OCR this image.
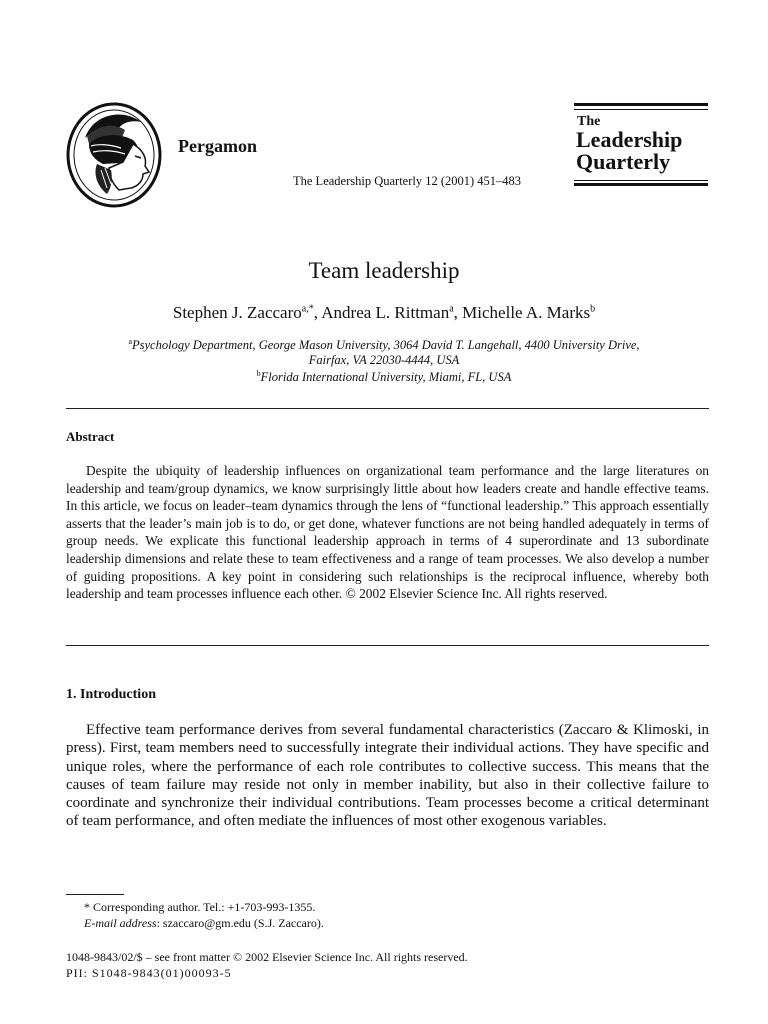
Pergamon
The Leadership Quarterly 12 (2001) 451–483
The
Leadership
Quarterly
Team leadership
Stephen J. Zaccaro$^{a,*}$, Andrea L. Rittman$^a$, Michelle A. Marks$^b$
$^a$Psychology Department, George Mason University, 3064 David T. Langehall, 4400 University Drive,
Fairfax, VA 22030-4444, USA
$^b$Florida International University, Miami, FL, USA
Abstract
Despite the ubiquity of leadership influences on organizational team performance and the large literatures on leadership and team/group dynamics, we know surprisingly little about how leaders create and handle effective teams. In this article, we focus on leader–team dynamics through the lens of “functional leadership.” This approach essentially asserts that the leader’s main job is to do, or get done, whatever functions are not being handled adequately in terms of group needs. We explicate this functional leadership approach in terms of 4 superordinate and 13 subordinate leadership dimensions and relate these to team effectiveness and a range of team processes. We also develop a number of guiding propositions. A key point in considering such relationships is the reciprocal influence, whereby both leadership and team processes influence each other. © 2002 Elsevier Science Inc. All rights reserved.
1. Introduction
Effective team performance derives from several fundamental characteristics (Zaccaro & Klimoski, in press). First, team members need to successfully integrate their individual actions. They have specific and unique roles, where the performance of each role contributes to collective success. This means that the causes of team failure may reside not only in member inability, but also in their collective failure to coordinate and synchronize their individual contributions. Team processes become a critical determinant of team performance, and often mediate the influences of most other exogenous variables.
* Corresponding author. Tel.: +1-703-993-1355.
E-mail address: szaccaro@gm.edu (S.J. Zaccaro).
1048-9843/02/$ – see front matter © 2002 Elsevier Science Inc. All rights reserved.
PII: S1048-9843(01)00093-5
